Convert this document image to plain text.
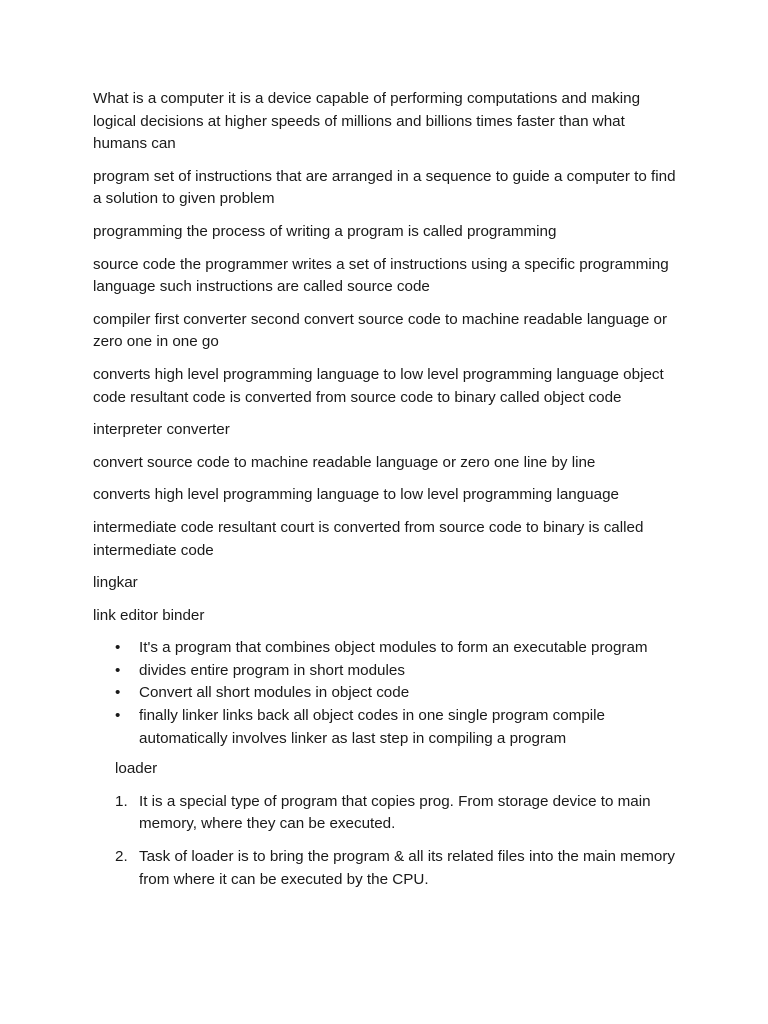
What is a computer it is a device capable of performing computations and making logical decisions at higher speeds of millions and billions times faster than what humans can

program set of instructions that are arranged in a sequence to guide a computer to find a solution to given problem

programming the process of writing a program is called programming

source code the programmer writes a set of instructions using a specific programming language such instructions are called source code

compiler first converter second convert source code to machine readable language or zero one in one go

converts high level programming language to low level programming language object code resultant code is converted from source code to binary called object code

interpreter converter

convert source code to machine readable language or zero one line by line

converts high level programming language to low level programming language

intermediate code resultant court is converted from source code to binary is called intermediate code

lingkar

link editor binder

• It's a program that combines object modules to form an executable program
• divides entire program in short modules
• Convert all short modules in object code
• finally linker links back all object codes in one single program compile automatically involves linker as last step in compiling a program

loader

1. It is a special type of program that copies prog. From storage device to main memory, where they can be executed.
2. Task of loader is to bring the program & all its related files into the main memory from where it can be executed by the CPU.
